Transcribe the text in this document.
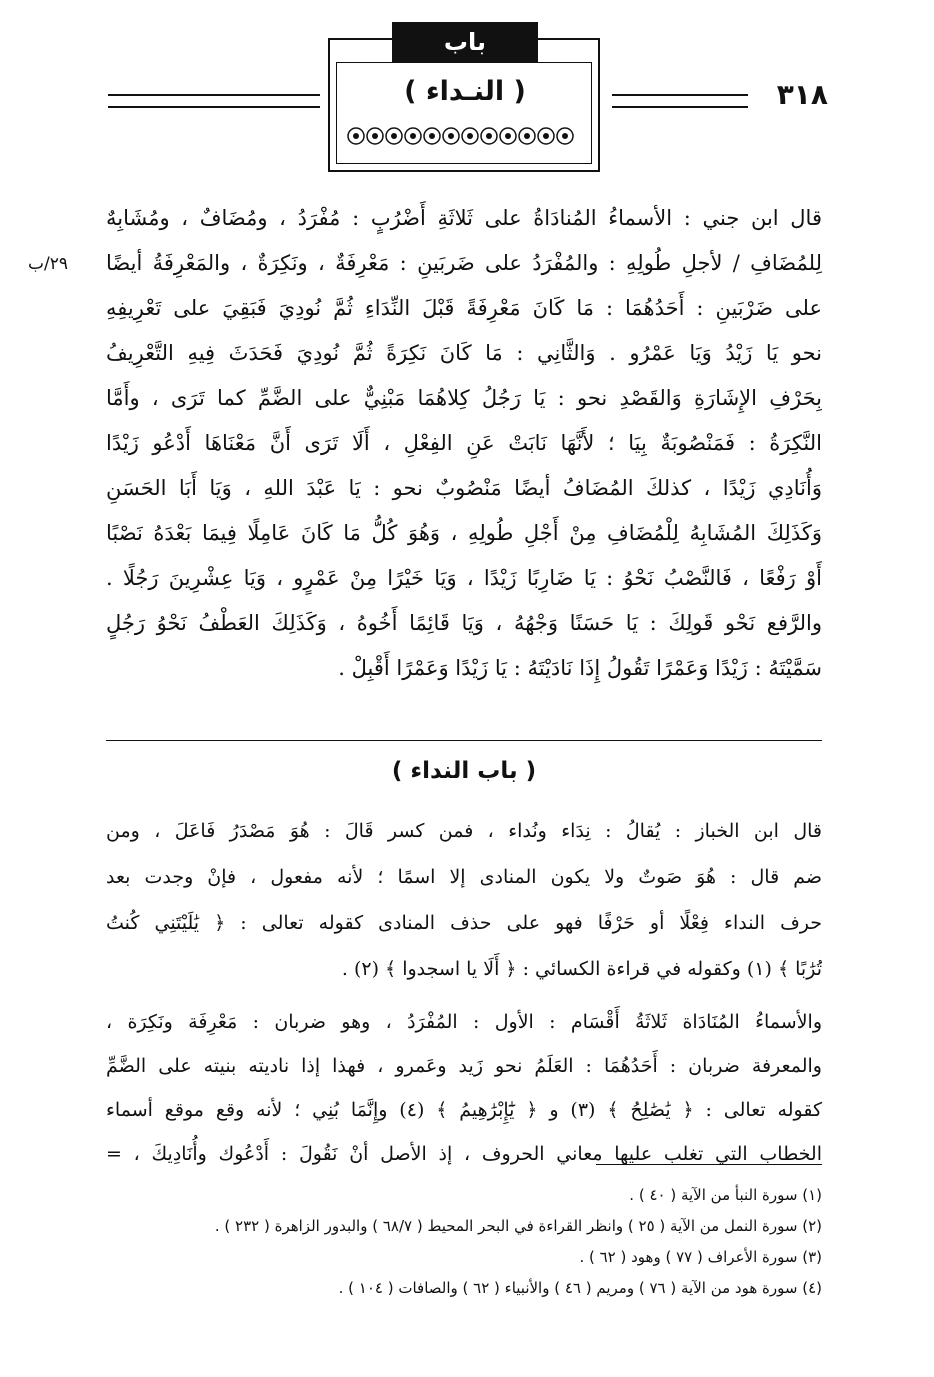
باب
( النـداء )	٣١٨
٢٩/ب
قال ابن جني : الأسماءُ المُنادَاةُ على ثَلاثَةِ أَضْرُبٍ : مُفْرَدُ ، ومُضَافٌ ، ومُشَابِهٌ
لِلمُضَافِ / لأجلِ طُولِهِ : والمُفْرَدُ على ضَربَينِ : مَعْرِفَةٌ ، ونَكِرَةٌ ، والمَعْرِفَةُ أيضًا
على ضَرْبَينِ : أَحَدُهُمَا : مَا كَانَ مَعْرِفَةً قَبْلَ النِّدَاءِ ثُمَّ نُودِيَ فَبَقِيَ على تَعْرِيفِهِ
نحو يَا زَيْدُ وَيَا عَمْرُو . وَالثَّانِي : مَا كَانَ نَكِرَةً ثُمَّ نُودِيَ فَحَدَثَ فِيهِ التَّعْرِيفُ
بِحَرْفِ الإِشَارَةِ وَالقَصْدِ نحو : يَا رَجُلُ كِلاهُمَا مَبْنِيٌّ على الضَّمِّ كما تَرَى ، وأَمَّا
النَّكِرَةُ : فَمَنْصُوبَةٌ بِيَا ؛ لأَنَّهَا نَابَتْ عَنِ الفِعْلِ ، أَلَا تَرَى أَنَّ مَعْنَاهَا أَدْعُو زَيْدًا
وَأُنَادِي زَيْدًا ، كذلكَ المُضَافُ أيضًا مَنْصُوبٌ نحو : يَا عَبْدَ اللهِ ، وَيَا أَبَا الحَسَنِ
وَكَذَلِكَ المُشَابِهُ لِلْمُضَافِ مِنْ أَجْلِ طُولِهِ ، وَهُوَ كُلُّ مَا كَانَ عَامِلًا فِيمَا بَعْدَهُ نَصْبًا
أَوْ رَفْعًا ، فَالنَّصْبُ نَحْوُ : يَا ضَارِبًا زَيْدًا ، وَيَا خَيْرًا مِنْ عَمْرٍو ، وَيَا عِشْرِينَ رَجُلًا .
والرَّفع نَحْو قَولِكَ : يَا حَسَنًا وَجْهُهُ ، وَيَا قَائِمًا أَخُوهُ ، وَكَذَلِكَ العَطْفُ نَحْوُ رَجُلٍ
سَمَّيْتَهُ : زَيْدًا وَعَمْرًا تَقُولُ إِذَا نَادَيْتَهُ : يَا زَيْدًا وَعَمْرًا أَقْبِلْ .
( باب النداء )
قال ابن الخباز : يُقالُ : نِدَاء ونُداء ، فمن كسر قَالَ : هُوَ مَصْدَرُ فَاعَلَ ، ومن
ضم قال : هُوَ صَوتٌ ولا يكون المنادى إلا اسمًا ؛ لأنه مفعول ، فإنْ وجدت بعد
حرف النداء فِعْلًا أو حَرْفًا فهو على حذف المنادى كقوله تعالى : ﴿ يَٰلَيْتَنِي كُنتُ
تُرَٰبًا ﴾ (١) وكقوله في قراءة الكسائي : ﴿ أَلَا يا اسجدوا ﴾ (٢) .
والأسماءُ المُنَادَاة ثَلاثَةُ أَقْسَام : الأول : المُفْرَدُ ، وهو ضربان : مَعْرِفَة ونَكِرَة ،
والمعرفة ضربان : أَحَدُهُمَا : العَلَمُ نحو زَيد وعَمرو ، فهذا إذا ناديته بنيته على الضَّمِّ
كقوله تعالى : ﴿ يَٰصَٰلِحُ ﴾ (٣) و ﴿ يَٰٓإِبْرَٰهِيمُ ﴾ (٤) وإِنَّمَا بُنِي ؛ لأنه وقع موقع أسماء
الخطاب التي تغلب عليها معاني الحروف ، إذ الأصل أنْ نَقُولَ : أَدْعُوك وأُنَادِيكَ ، =
(١) سورة النبأ من الآية ( ٤٠ ) .
(٢) سورة النمل من الآية ( ٢٥ ) وانظر القراءة في البحر المحيط ( ٦٨/٧ ) والبدور الزاهرة ( ٢٣٢ ) .
(٣) سورة الأعراف ( ٧٧ ) وهود ( ٦٢ ) .
(٤) سورة هود من الآية ( ٧٦ ) ومريم ( ٤٦ ) والأنبياء ( ٦٢ ) والصافات ( ١٠٤ ) .
